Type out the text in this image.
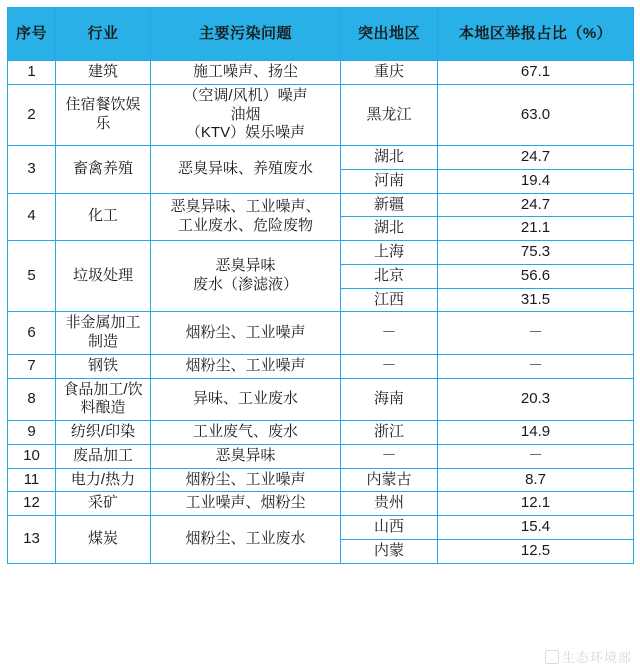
序号	行业	主要污染问题	突出地区	本地区举报占比（%）
1	建筑	施工噪声、扬尘	重庆	67.1
2	住宿餐饮娱乐	（空调/风机）噪声
油烟
（KTV）娱乐噪声	黑龙江	63.0
3	畜禽养殖	恶臭异味、养殖废水	湖北	24.7
			河南	19.4
4	化工	恶臭异味、工业噪声、
工业废水、危险废物	新疆	24.7
			湖北	21.1
5	垃圾处理	恶臭异味
废水（渗滤液）	上海	75.3
			北京	56.6
			江西	31.5
6	非金属加工制造	烟粉尘、工业噪声	－	－
7	钢铁	烟粉尘、工业噪声	－	－
8	食品加工/饮料酿造	异味、工业废水	海南	20.3
9	纺织/印染	工业废气、废水	浙江	14.9
10	废品加工	恶臭异味	－	－
11	电力/热力	烟粉尘、工业噪声	内蒙古	8.7
12	采矿	工业噪声、烟粉尘	贵州	12.1
13	煤炭	烟粉尘、工业废水	山西	15.4
			内蒙	12.5
生态环境部
